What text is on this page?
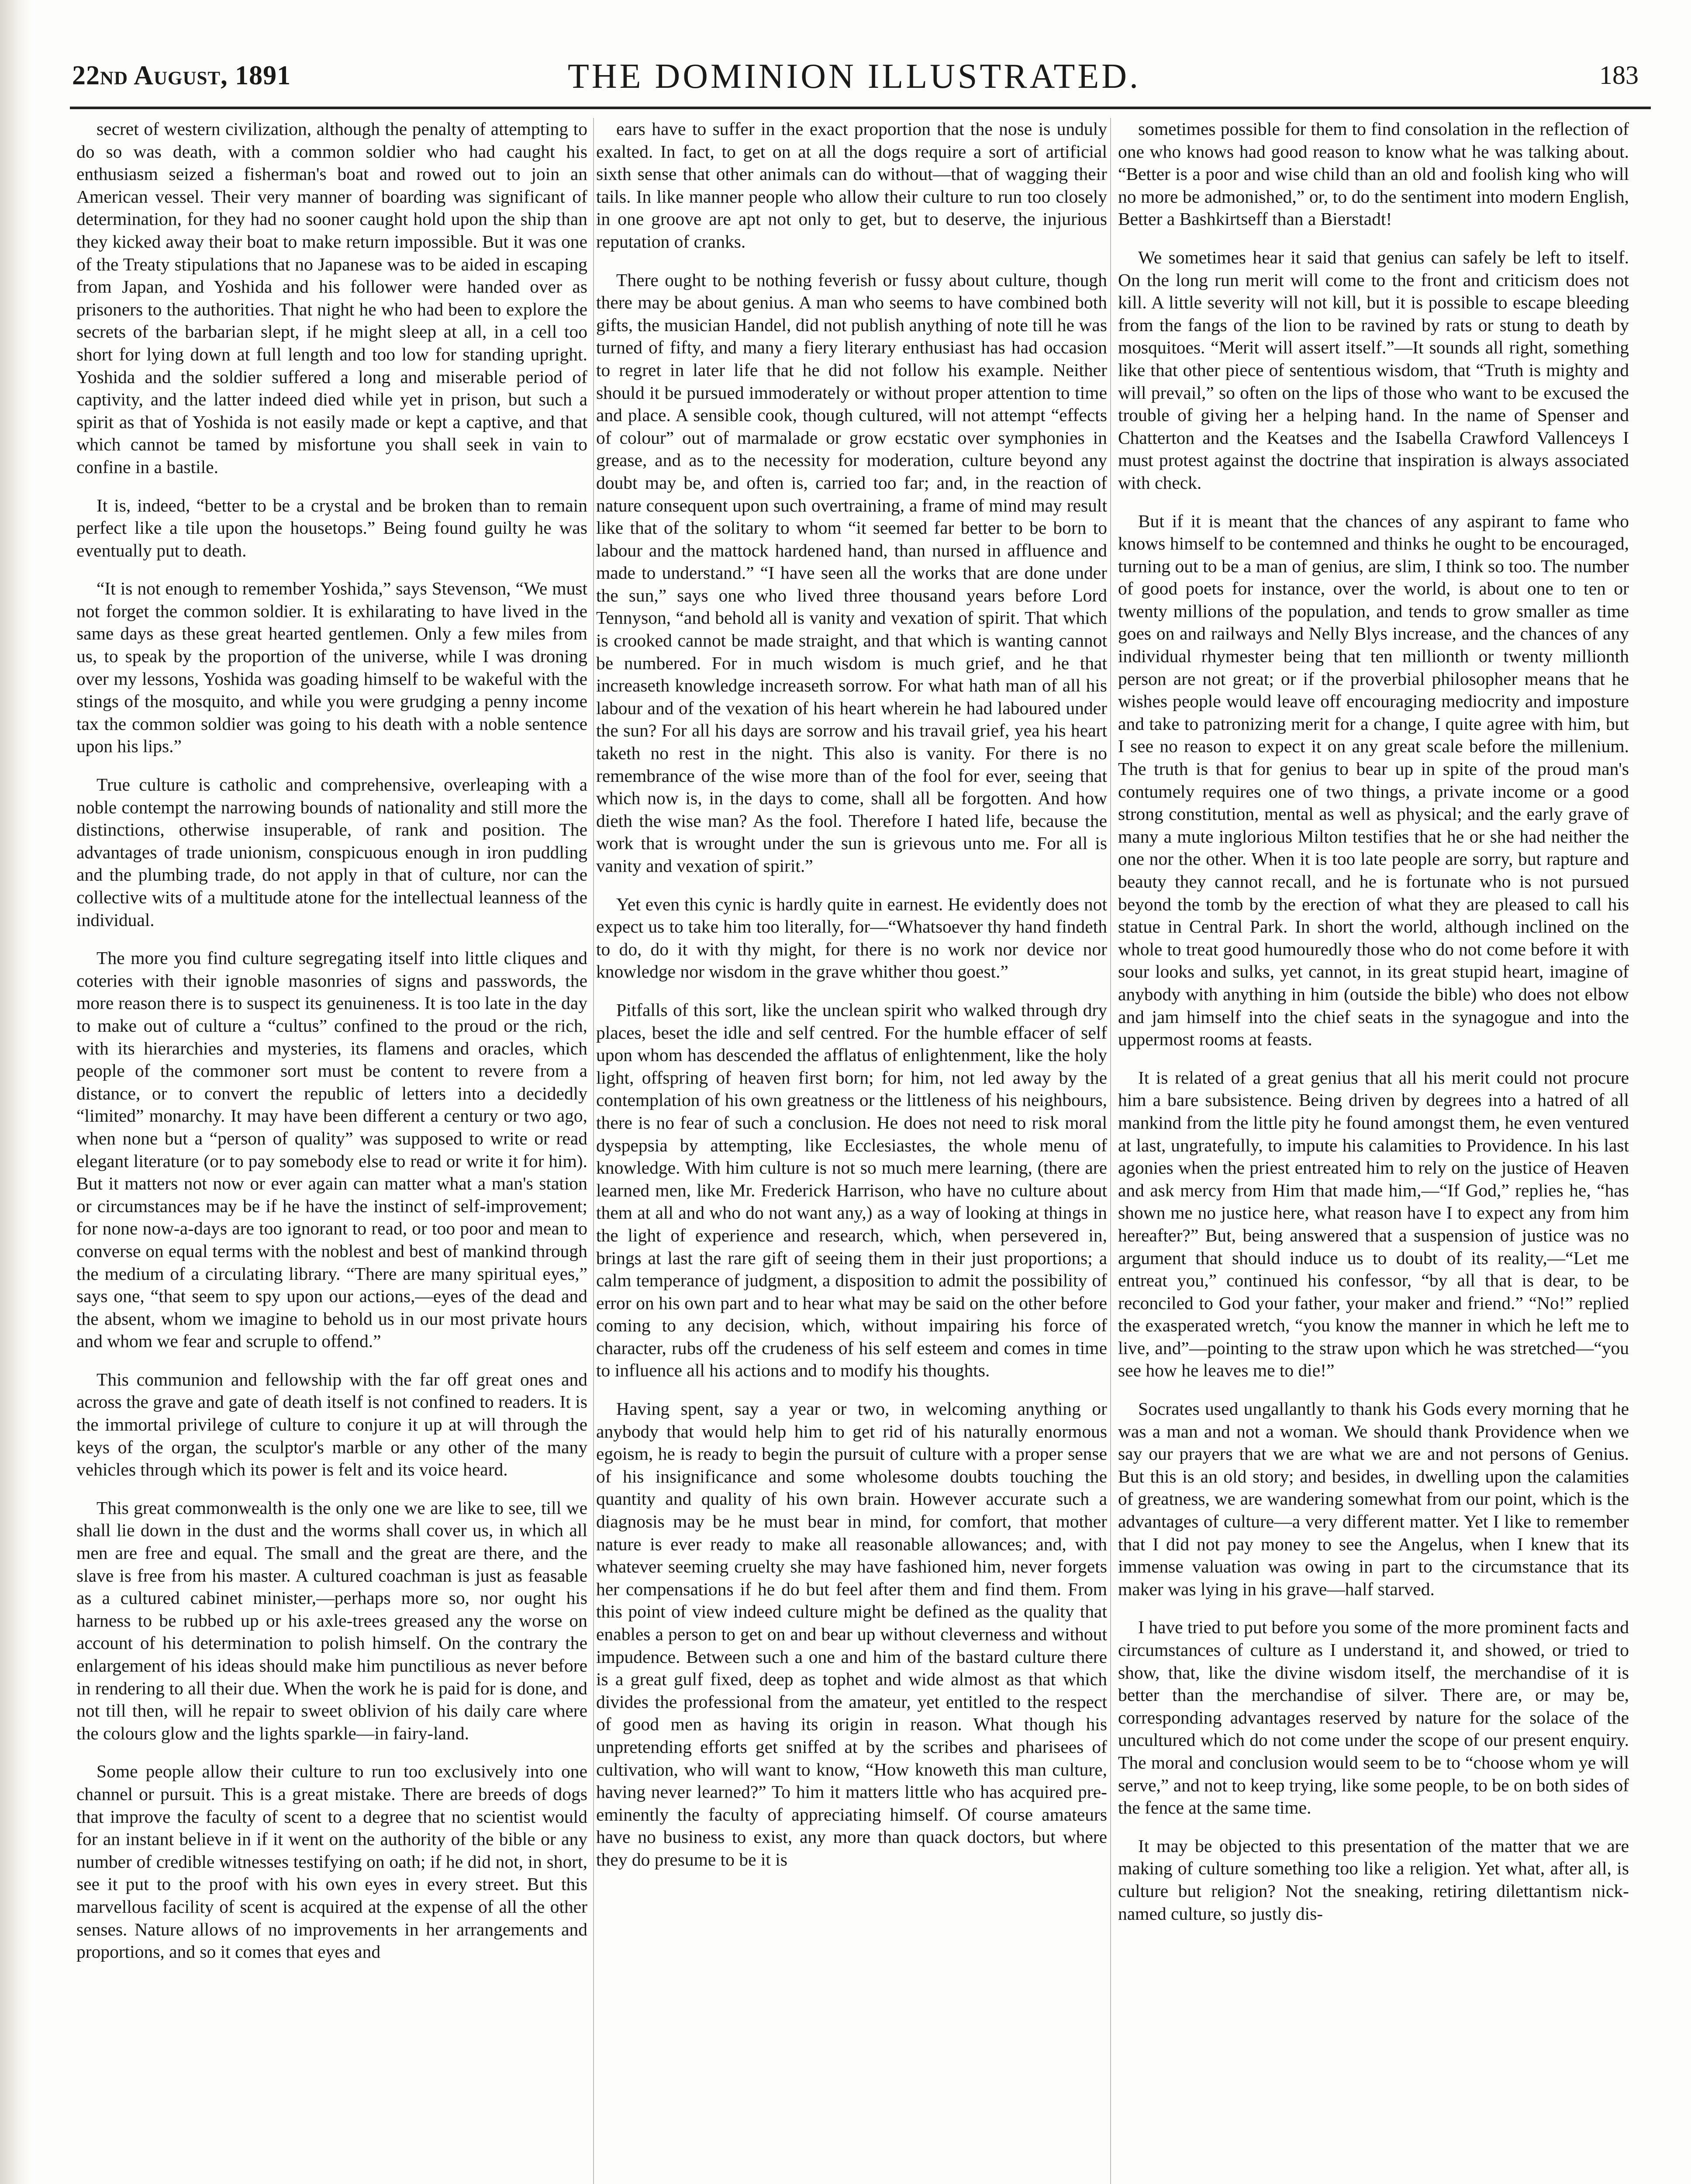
22nd August, 1891	THE DOMINION ILLUSTRATED.	183

secret of western civilization, although the penalty of attempting to do so was death, with a common soldier who had caught his enthusiasm seized a fisherman's boat and rowed out to join an American vessel. Their very manner of boarding was significant of determination, for they had no sooner caught hold upon the ship than they kicked away their boat to make return impossible. But it was one of the Treaty stipulations that no Japanese was to be aided in escaping from Japan, and Yoshida and his follower were handed over as prisoners to the authorities. That night he who had been to explore the secrets of the barbarian slept, if he might sleep at all, in a cell too short for lying down at full length and too low for standing upright. Yoshida and the soldier suffered a long and miserable period of captivity, and the latter indeed died while yet in prison, but such a spirit as that of Yoshida is not easily made or kept a captive, and that which cannot be tamed by misfortune you shall seek in vain to confine in a bastile.

It is, indeed, “better to be a crystal and be broken than to remain perfect like a tile upon the housetops.” Being found guilty he was eventually put to death.

“It is not enough to remember Yoshida,” says Stevenson, “We must not forget the common soldier. It is exhilarating to have lived in the same days as these great hearted gentlemen. Only a few miles from us, to speak by the proportion of the universe, while I was droning over my lessons, Yoshida was goading himself to be wakeful with the stings of the mosquito, and while you were grudging a penny income tax the common soldier was going to his death with a noble sentence upon his lips.”

True culture is catholic and comprehensive, overleaping with a noble contempt the narrowing bounds of nationality and still more the distinctions, otherwise insuperable, of rank and position. The advantages of trade unionism, conspicuous enough in iron puddling and the plumbing trade, do not apply in that of culture, nor can the collective wits of a multitude atone for the intellectual leanness of the individual.

The more you find culture segregating itself into little cliques and coteries with their ignoble masonries of signs and passwords, the more reason there is to suspect its genuineness. It is too late in the day to make out of culture a “cultus” confined to the proud or the rich, with its hierarchies and mysteries, its flamens and oracles, which people of the commoner sort must be content to revere from a distance, or to convert the republic of letters into a decidedly “limited” monarchy. It may have been different a century or two ago, when none but a “person of quality” was supposed to write or read elegant literature (or to pay somebody else to read or write it for him). But it matters not now or ever again can matter what a man's station or circumstances may be if he have the instinct of self-improvement; for none now-a-days are too ignorant to read, or too poor and mean to converse on equal terms with the noblest and best of mankind through the medium of a circulating library. “There are many spiritual eyes,” says one, “that seem to spy upon our actions,—eyes of the dead and the absent, whom we imagine to behold us in our most private hours and whom we fear and scruple to offend.”

This communion and fellowship with the far off great ones and across the grave and gate of death itself is not confined to readers. It is the immortal privilege of culture to conjure it up at will through the keys of the organ, the sculptor's marble or any other of the many vehicles through which its power is felt and its voice heard.

This great commonwealth is the only one we are like to see, till we shall lie down in the dust and the worms shall cover us, in which all men are free and equal. The small and the great are there, and the slave is free from his master. A cultured coachman is just as feasable as a cultured cabinet minister,—perhaps more so, nor ought his harness to be rubbed up or his axle-trees greased any the worse on account of his determination to polish himself. On the contrary the enlargement of his ideas should make him punctilious as never before in rendering to all their due. When the work he is paid for is done, and not till then, will he repair to sweet oblivion of his daily care where the colours glow and the lights sparkle—in fairy-land.

Some people allow their culture to run too exclusively into one channel or pursuit. This is a great mistake. There are breeds of dogs that improve the faculty of scent to a degree that no scientist would for an instant believe in if it went on the authority of the bible or any number of credible witnesses testifying on oath; if he did not, in short, see it put to the proof with his own eyes in every street. But this marvellous facility of scent is acquired at the expense of all the other senses. Nature allows of no improvements in her arrangements and proportions, and so it comes that eyes and

ears have to suffer in the exact proportion that the nose is unduly exalted. In fact, to get on at all the dogs require a sort of artificial sixth sense that other animals can do without—that of wagging their tails. In like manner people who allow their culture to run too closely in one groove are apt not only to get, but to deserve, the injurious reputation of cranks.

There ought to be nothing feverish or fussy about culture, though there may be about genius. A man who seems to have combined both gifts, the musician Handel, did not publish anything of note till he was turned of fifty, and many a fiery literary enthusiast has had occasion to regret in later life that he did not follow his example. Neither should it be pursued immoderately or without proper attention to time and place. A sensible cook, though cultured, will not attempt “effects of colour” out of marmalade or grow ecstatic over symphonies in grease, and as to the necessity for moderation, culture beyond any doubt may be, and often is, carried too far; and, in the reaction of nature consequent upon such overtraining, a frame of mind may result like that of the solitary to whom “it seemed far better to be born to labour and the mattock hardened hand, than nursed in affluence and made to understand.” “I have seen all the works that are done under the sun,” says one who lived three thousand years before Lord Tennyson, “and behold all is vanity and vexation of spirit. That which is crooked cannot be made straight, and that which is wanting cannot be numbered. For in much wisdom is much grief, and he that increaseth knowledge increaseth sorrow. For what hath man of all his labour and of the vexation of his heart wherein he had laboured under the sun? For all his days are sorrow and his travail grief, yea his heart taketh no rest in the night. This also is vanity. For there is no remembrance of the wise more than of the fool for ever, seeing that which now is, in the days to come, shall all be forgotten. And how dieth the wise man? As the fool. Therefore I hated life, because the work that is wrought under the sun is grievous unto me. For all is vanity and vexation of spirit.”

Yet even this cynic is hardly quite in earnest. He evidently does not expect us to take him too literally, for—“Whatsoever thy hand findeth to do, do it with thy might, for there is no work nor device nor knowledge nor wisdom in the grave whither thou goest.”

Pitfalls of this sort, like the unclean spirit who walked through dry places, beset the idle and self centred. For the humble effacer of self upon whom has descended the afflatus of enlightenment, like the holy light, offspring of heaven first born; for him, not led away by the contemplation of his own greatness or the littleness of his neighbours, there is no fear of such a conclusion. He does not need to risk moral dyspepsia by attempting, like Ecclesiastes, the whole menu of knowledge. With him culture is not so much mere learning, (there are learned men, like Mr. Frederick Harrison, who have no culture about them at all and who do not want any,) as a way of looking at things in the light of experience and research, which, when persevered in, brings at last the rare gift of seeing them in their just proportions; a calm temperance of judgment, a disposition to admit the possibility of error on his own part and to hear what may be said on the other before coming to any decision, which, without impairing his force of character, rubs off the crudeness of his self esteem and comes in time to influence all his actions and to modify his thoughts.

Having spent, say a year or two, in welcoming anything or anybody that would help him to get rid of his naturally enormous egoism, he is ready to begin the pursuit of culture with a proper sense of his insignificance and some wholesome doubts touching the quantity and quality of his own brain. However accurate such a diagnosis may be he must bear in mind, for comfort, that mother nature is ever ready to make all reasonable allowances; and, with whatever seeming cruelty she may have fashioned him, never forgets her compensations if he do but feel after them and find them. From this point of view indeed culture might be defined as the quality that enables a person to get on and bear up without cleverness and without impudence. Between such a one and him of the bastard culture there is a great gulf fixed, deep as tophet and wide almost as that which divides the professional from the amateur, yet entitled to the respect of good men as having its origin in reason. What though his unpretending efforts get sniffed at by the scribes and pharisees of cultivation, who will want to know, “How knoweth this man culture, having never learned?” To him it matters little who has acquired pre-eminently the faculty of appreciating himself. Of course amateurs have no business to exist, any more than quack doctors, but where they do presume to be it is

sometimes possible for them to find consolation in the reflection of one who knows had good reason to know what he was talking about. “Better is a poor and wise child than an old and foolish king who will no more be admonished,” or, to do the sentiment into modern English, Better a Bashkirtseff than a Bierstadt!

We sometimes hear it said that genius can safely be left to itself. On the long run merit will come to the front and criticism does not kill. A little severity will not kill, but it is possible to escape bleeding from the fangs of the lion to be ravined by rats or stung to death by mosquitoes. “Merit will assert itself.”—It sounds all right, something like that other piece of sententious wisdom, that “Truth is mighty and will prevail,” so often on the lips of those who want to be excused the trouble of giving her a helping hand. In the name of Spenser and Chatterton and the Keatses and the Isabella Crawford Vallenceys I must protest against the doctrine that inspiration is always associated with check.

But if it is meant that the chances of any aspirant to fame who knows himself to be contemned and thinks he ought to be encouraged, turning out to be a man of genius, are slim, I think so too. The number of good poets for instance, over the world, is about one to ten or twenty millions of the population, and tends to grow smaller as time goes on and railways and Nelly Blys increase, and the chances of any individual rhymester being that ten millionth or twenty millionth person are not great; or if the proverbial philosopher means that he wishes people would leave off encouraging mediocrity and imposture and take to patronizing merit for a change, I quite agree with him, but I see no reason to expect it on any great scale before the millenium. The truth is that for genius to bear up in spite of the proud man's contumely requires one of two things, a private income or a good strong constitution, mental as well as physical; and the early grave of many a mute inglorious Milton testifies that he or she had neither the one nor the other. When it is too late people are sorry, but rapture and beauty they cannot recall, and he is fortunate who is not pursued beyond the tomb by the erection of what they are pleased to call his statue in Central Park. In short the world, although inclined on the whole to treat good humouredly those who do not come before it with sour looks and sulks, yet cannot, in its great stupid heart, imagine of anybody with anything in him (outside the bible) who does not elbow and jam himself into the chief seats in the synagogue and into the uppermost rooms at feasts.

It is related of a great genius that all his merit could not procure him a bare subsistence. Being driven by degrees into a hatred of all mankind from the little pity he found amongst them, he even ventured at last, ungratefully, to impute his calamities to Providence. In his last agonies when the priest entreated him to rely on the justice of Heaven and ask mercy from Him that made him,—“If God,” replies he, “has shown me no justice here, what reason have I to expect any from him hereafter?” But, being answered that a suspension of justice was no argument that should induce us to doubt of its reality,—“Let me entreat you,” continued his confessor, “by all that is dear, to be reconciled to God your father, your maker and friend.” “No!” replied the exasperated wretch, “you know the manner in which he left me to live, and”—pointing to the straw upon which he was stretched—“you see how he leaves me to die!”

Socrates used ungallantly to thank his Gods every morning that he was a man and not a woman. We should thank Providence when we say our prayers that we are what we are and not persons of Genius. But this is an old story; and besides, in dwelling upon the calamities of greatness, we are wandering somewhat from our point, which is the advantages of culture—a very different matter. Yet I like to remember that I did not pay money to see the Angelus, when I knew that its immense valuation was owing in part to the circumstance that its maker was lying in his grave—half starved.

I have tried to put before you some of the more prominent facts and circumstances of culture as I understand it, and showed, or tried to show, that, like the divine wisdom itself, the merchandise of it is better than the merchandise of silver. There are, or may be, corresponding advantages reserved by nature for the solace of the uncultured which do not come under the scope of our present enquiry. The moral and conclusion would seem to be to “choose whom ye will serve,” and not to keep trying, like some people, to be on both sides of the fence at the same time.

It may be objected to this presentation of the matter that we are making of culture something too like a religion. Yet what, after all, is culture but religion? Not the sneaking, retiring dilettantism nick-named culture, so justly dis-
